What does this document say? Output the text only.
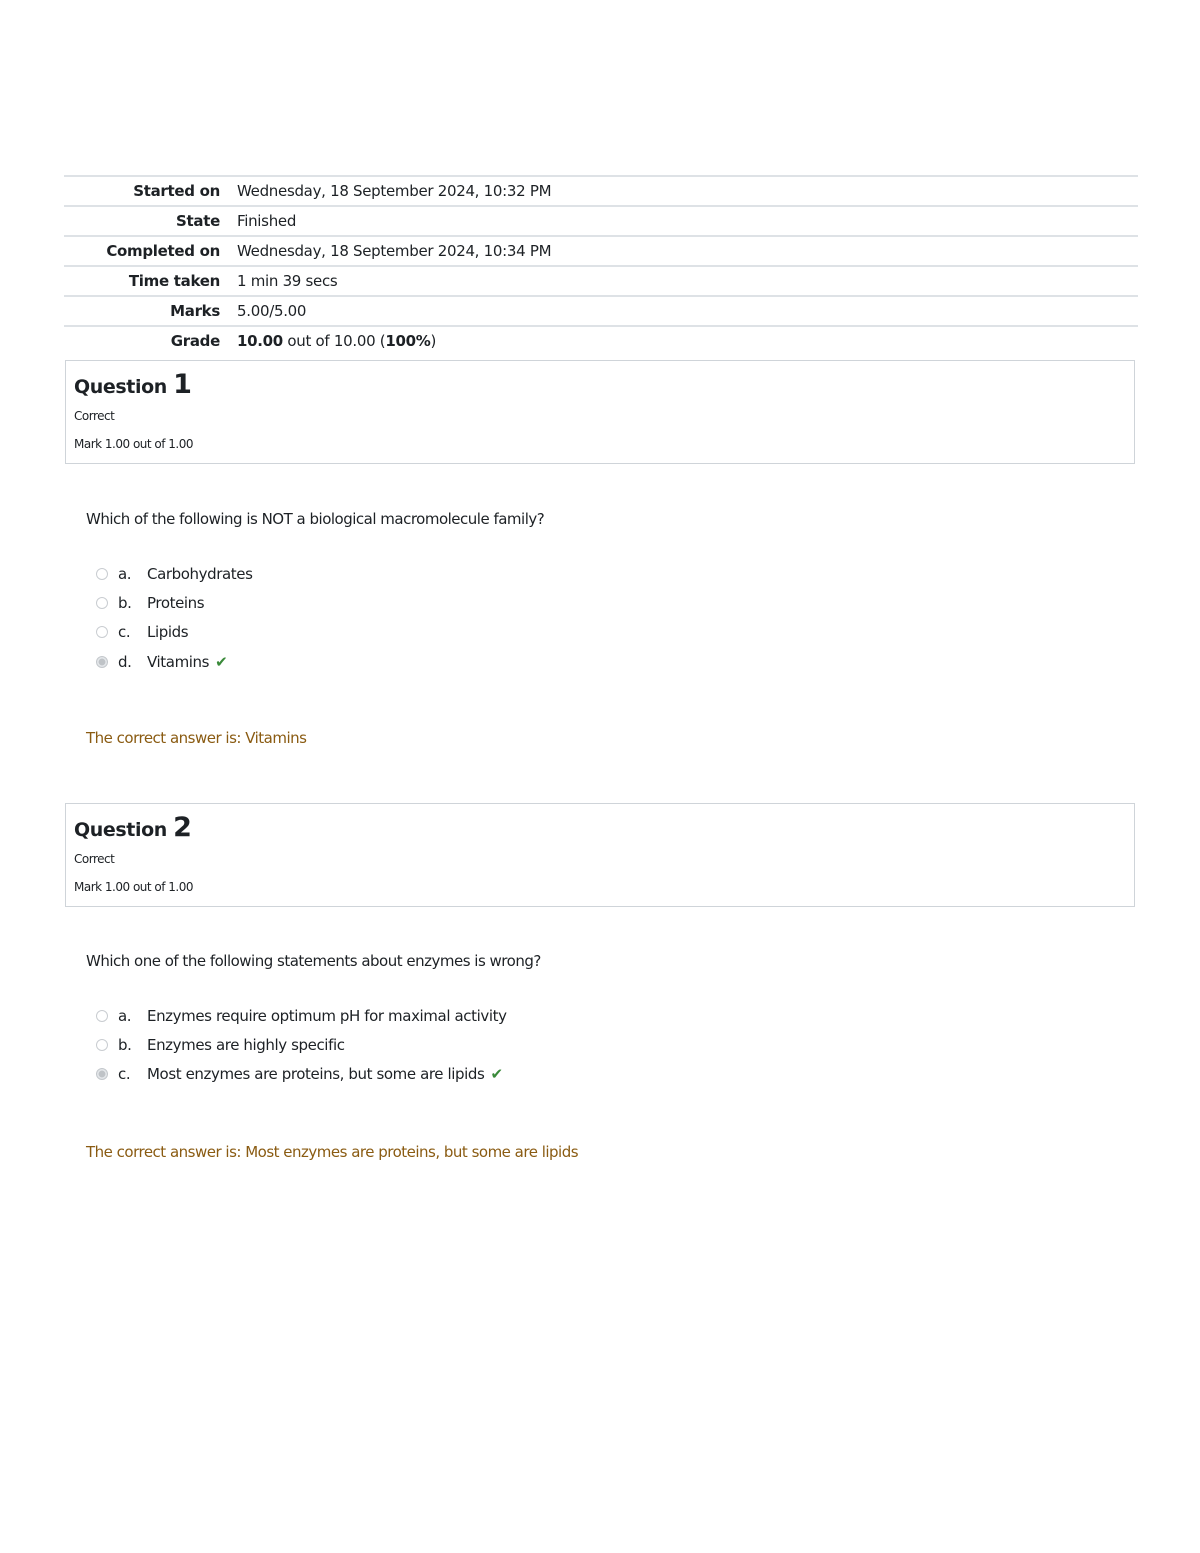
Started on	Wednesday, 18 September 2024, 10:32 PM
State	Finished
Completed on	Wednesday, 18 September 2024, 10:34 PM
Time taken	1 min 39 secs
Marks	5.00/5.00
Grade	10.00 out of 10.00 (100%)
Question 1
Correct
Mark 1.00 out of 1.00
Which of the following is NOT a biological macromolecule family?
a.	Carbohydrates
b.	Proteins
c.	Lipids
d.	Vitamins ✔
The correct answer is: Vitamins
Question 2
Correct
Mark 1.00 out of 1.00
Which one of the following statements about enzymes is wrong?
a.	Enzymes require optimum pH for maximal activity
b.	Enzymes are highly specific
c.	Most enzymes are proteins, but some are lipids ✔
The correct answer is: Most enzymes are proteins, but some are lipids
